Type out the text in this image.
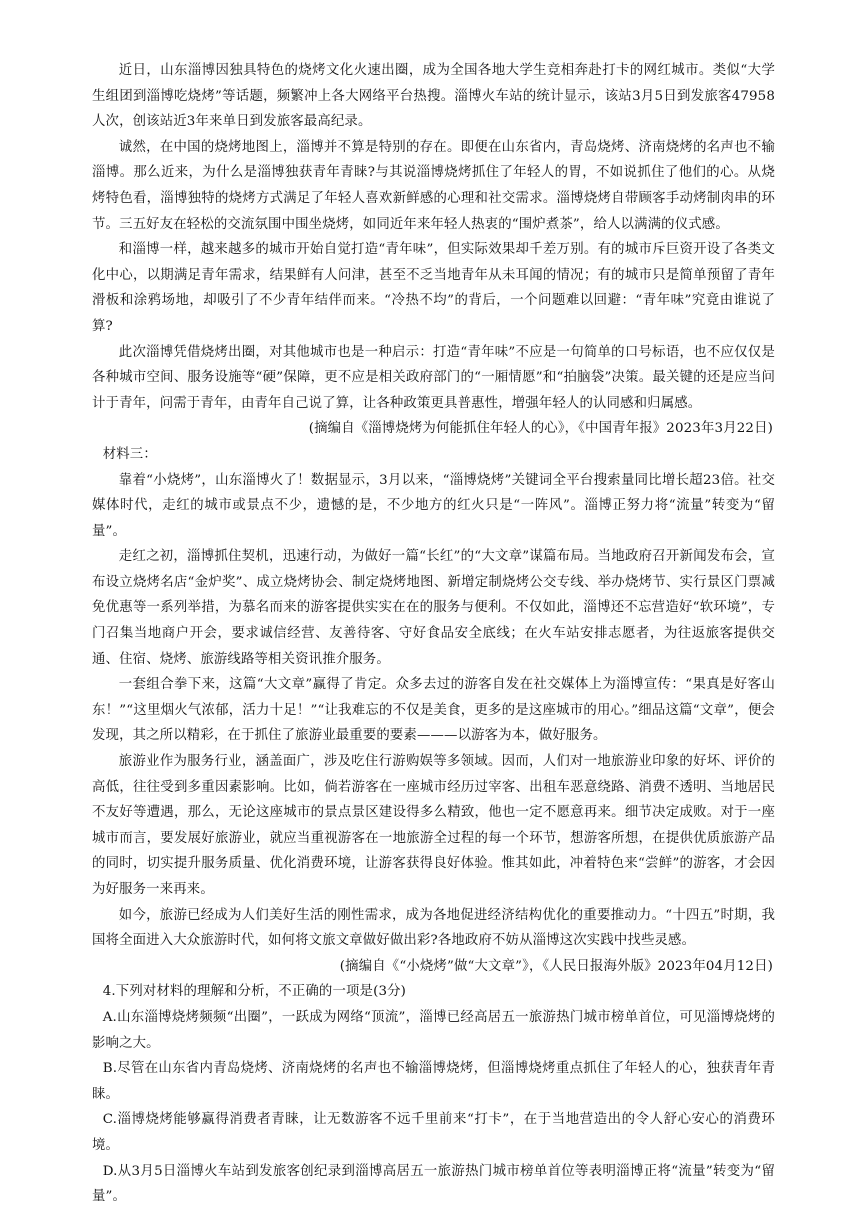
近日，山东淄博因独具特色的烧烤文化火速出圈，成为全国各地大学生竞相奔赴打卡的网红城市。类似“大学生组团到淄博吃烧烤”等话题，频繁冲上各大网络平台热搜。淄博火车站的统计显示，该站3月5日到发旅客47958人次，创该站近3年来单日到发旅客最高纪录。

诚然，在中国的烧烤地图上，淄博并不算是特别的存在。即便在山东省内，青岛烧烤、济南烧烤的名声也不输淄博。那么近来，为什么是淄博独获青年青睐?与其说淄博烧烤抓住了年轻人的胃，不如说抓住了他们的心。从烧烤特色看，淄博独特的烧烤方式满足了年轻人喜欢新鲜感的心理和社交需求。淄博烧烤自带顾客手动烤制肉串的环节。三五好友在轻松的交流氛围中围坐烧烤，如同近年来年轻人热衷的“围炉煮茶”，给人以满满的仪式感。

和淄博一样，越来越多的城市开始自觉打造“青年味”，但实际效果却千差万别。有的城市斥巨资开设了各类文化中心，以期满足青年需求，结果鲜有人问津，甚至不乏当地青年从未耳闻的情况；有的城市只是简单预留了青年滑板和涂鸦场地，却吸引了不少青年结伴而来。“冷热不均”的背后，一个问题难以回避：“青年味”究竟由谁说了算?

此次淄博凭借烧烤出圈，对其他城市也是一种启示：打造“青年味”不应是一句简单的口号标语，也不应仅仅是各种城市空间、服务设施等“硬”保障，更不应是相关政府部门的“一厢情愿”和“拍脑袋”决策。最关键的还是应当问计于青年，问需于青年，由青年自己说了算，让各种政策更具普惠性，增强年轻人的认同感和归属感。

(摘编自《淄博烧烤为何能抓住年轻人的心》，《中国青年报》2023年3月22日)

材料三：

靠着“小烧烤”，山东淄博火了！数据显示，3月以来，“淄博烧烤”关键词全平台搜索量同比增长超23倍。社交媒体时代，走红的城市或景点不少，遗憾的是，不少地方的红火只是“一阵风”。淄博正努力将“流量”转变为“留量”。

走红之初，淄博抓住契机，迅速行动，为做好一篇“长红”的“大文章”谋篇布局。当地政府召开新闻发布会，宣布设立烧烤名店“金炉奖”、成立烧烤协会、制定烧烤地图、新增定制烧烤公交专线、举办烧烤节、实行景区门票减免优惠等一系列举措，为慕名而来的游客提供实实在在的服务与便利。不仅如此，淄博还不忘营造好“软环境”，专门召集当地商户开会，要求诚信经营、友善待客、守好食品安全底线；在火车站安排志愿者，为往返旅客提供交通、住宿、烧烤、旅游线路等相关资讯推介服务。

一套组合拳下来，这篇“大文章”赢得了肯定。众多去过的游客自发在社交媒体上为淄博宣传：“果真是好客山东！”“这里烟火气浓郁，活力十足！”“让我难忘的不仅是美食，更多的是这座城市的用心。”细品这篇“文章”，便会发现，其之所以精彩，在于抓住了旅游业最重要的要素———以游客为本，做好服务。

旅游业作为服务行业，涵盖面广，涉及吃住行游购娱等多领域。因而，人们对一地旅游业印象的好坏、评价的高低，往往受到多重因素影响。比如，倘若游客在一座城市经历过宰客、出租车恶意绕路、消费不透明、当地居民不友好等遭遇，那么，无论这座城市的景点景区建设得多么精致，他也一定不愿意再来。细节决定成败。对于一座城市而言，要发展好旅游业，就应当重视游客在一地旅游全过程的每一个环节，想游客所想，在提供优质旅游产品的同时，切实提升服务质量、优化消费环境，让游客获得良好体验。惟其如此，冲着特色来“尝鲜”的游客，才会因为好服务一来再来。

如今，旅游已经成为人们美好生活的刚性需求，成为各地促进经济结构优化的重要推动力。“十四五”时期，我国将全面进入大众旅游时代，如何将文旅文章做好做出彩?各地政府不妨从淄博这次实践中找些灵感。

(摘编自《“小烧烤”做“大文章”》，《人民日报海外版》2023年04月12日)

4.下列对材料的理解和分析，不正确的一项是(3分)

A.山东淄博烧烤频频“出圈”，一跃成为网络“顶流”，淄博已经高居五一旅游热门城市榜单首位，可见淄博烧烤的影响之大。

B.尽管在山东省内青岛烧烤、济南烧烤的名声也不输淄博烧烤，但淄博烧烤重点抓住了年轻人的心，独获青年青睐。

C.淄博烧烤能够赢得消费者青睐，让无数游客不远千里前来“打卡”，在于当地营造出的令人舒心安心的消费环境。

D.从3月5日淄博火车站到发旅客创纪录到淄博高居五一旅游热门城市榜单首位等表明淄博正将“流量”转变为“留量”。
